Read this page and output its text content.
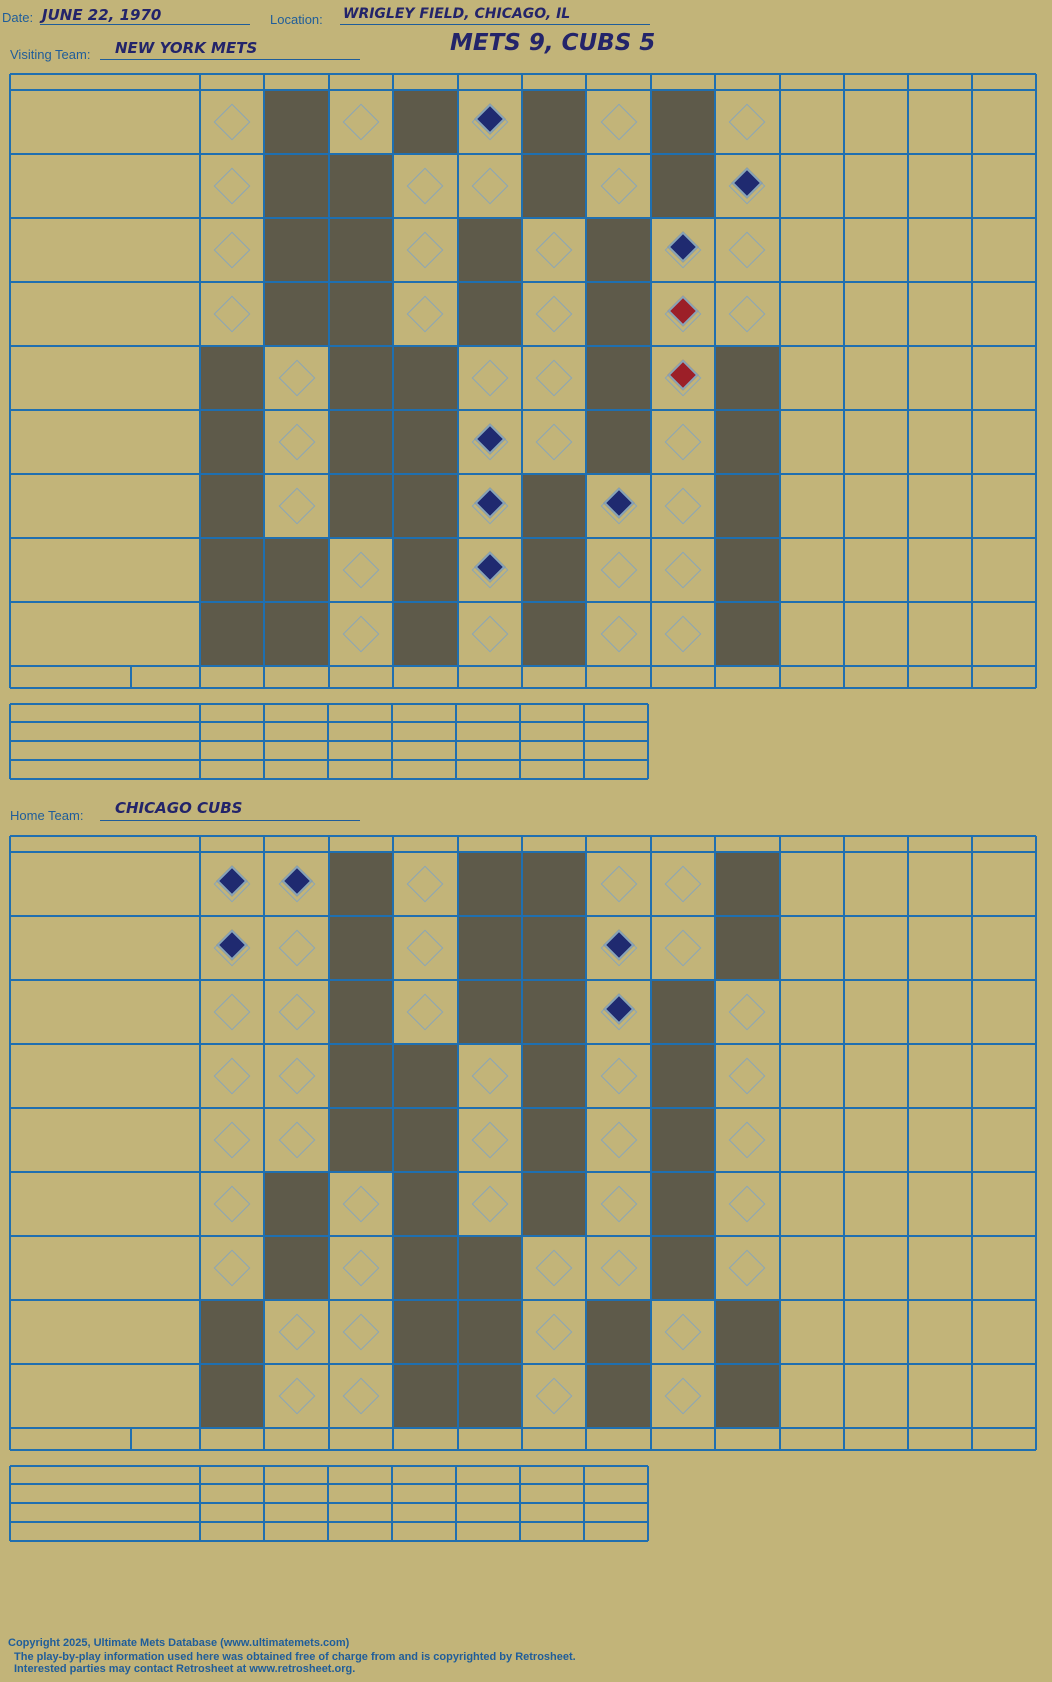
Date: JUNE 22, 1970	Location: WRIGLEY FIELD, CHICAGO, IL
Visiting Team: NEW YORK METS	METS 9, CUBS 5
Home Team: CHICAGO CUBS
Copyright 2025, Ultimate Mets Database (www.ultimatemets.com)
The play-by-play information used here was obtained free of charge from and is copyrighted by Retrosheet.
Interested parties may contact Retrosheet at www.retrosheet.org.
